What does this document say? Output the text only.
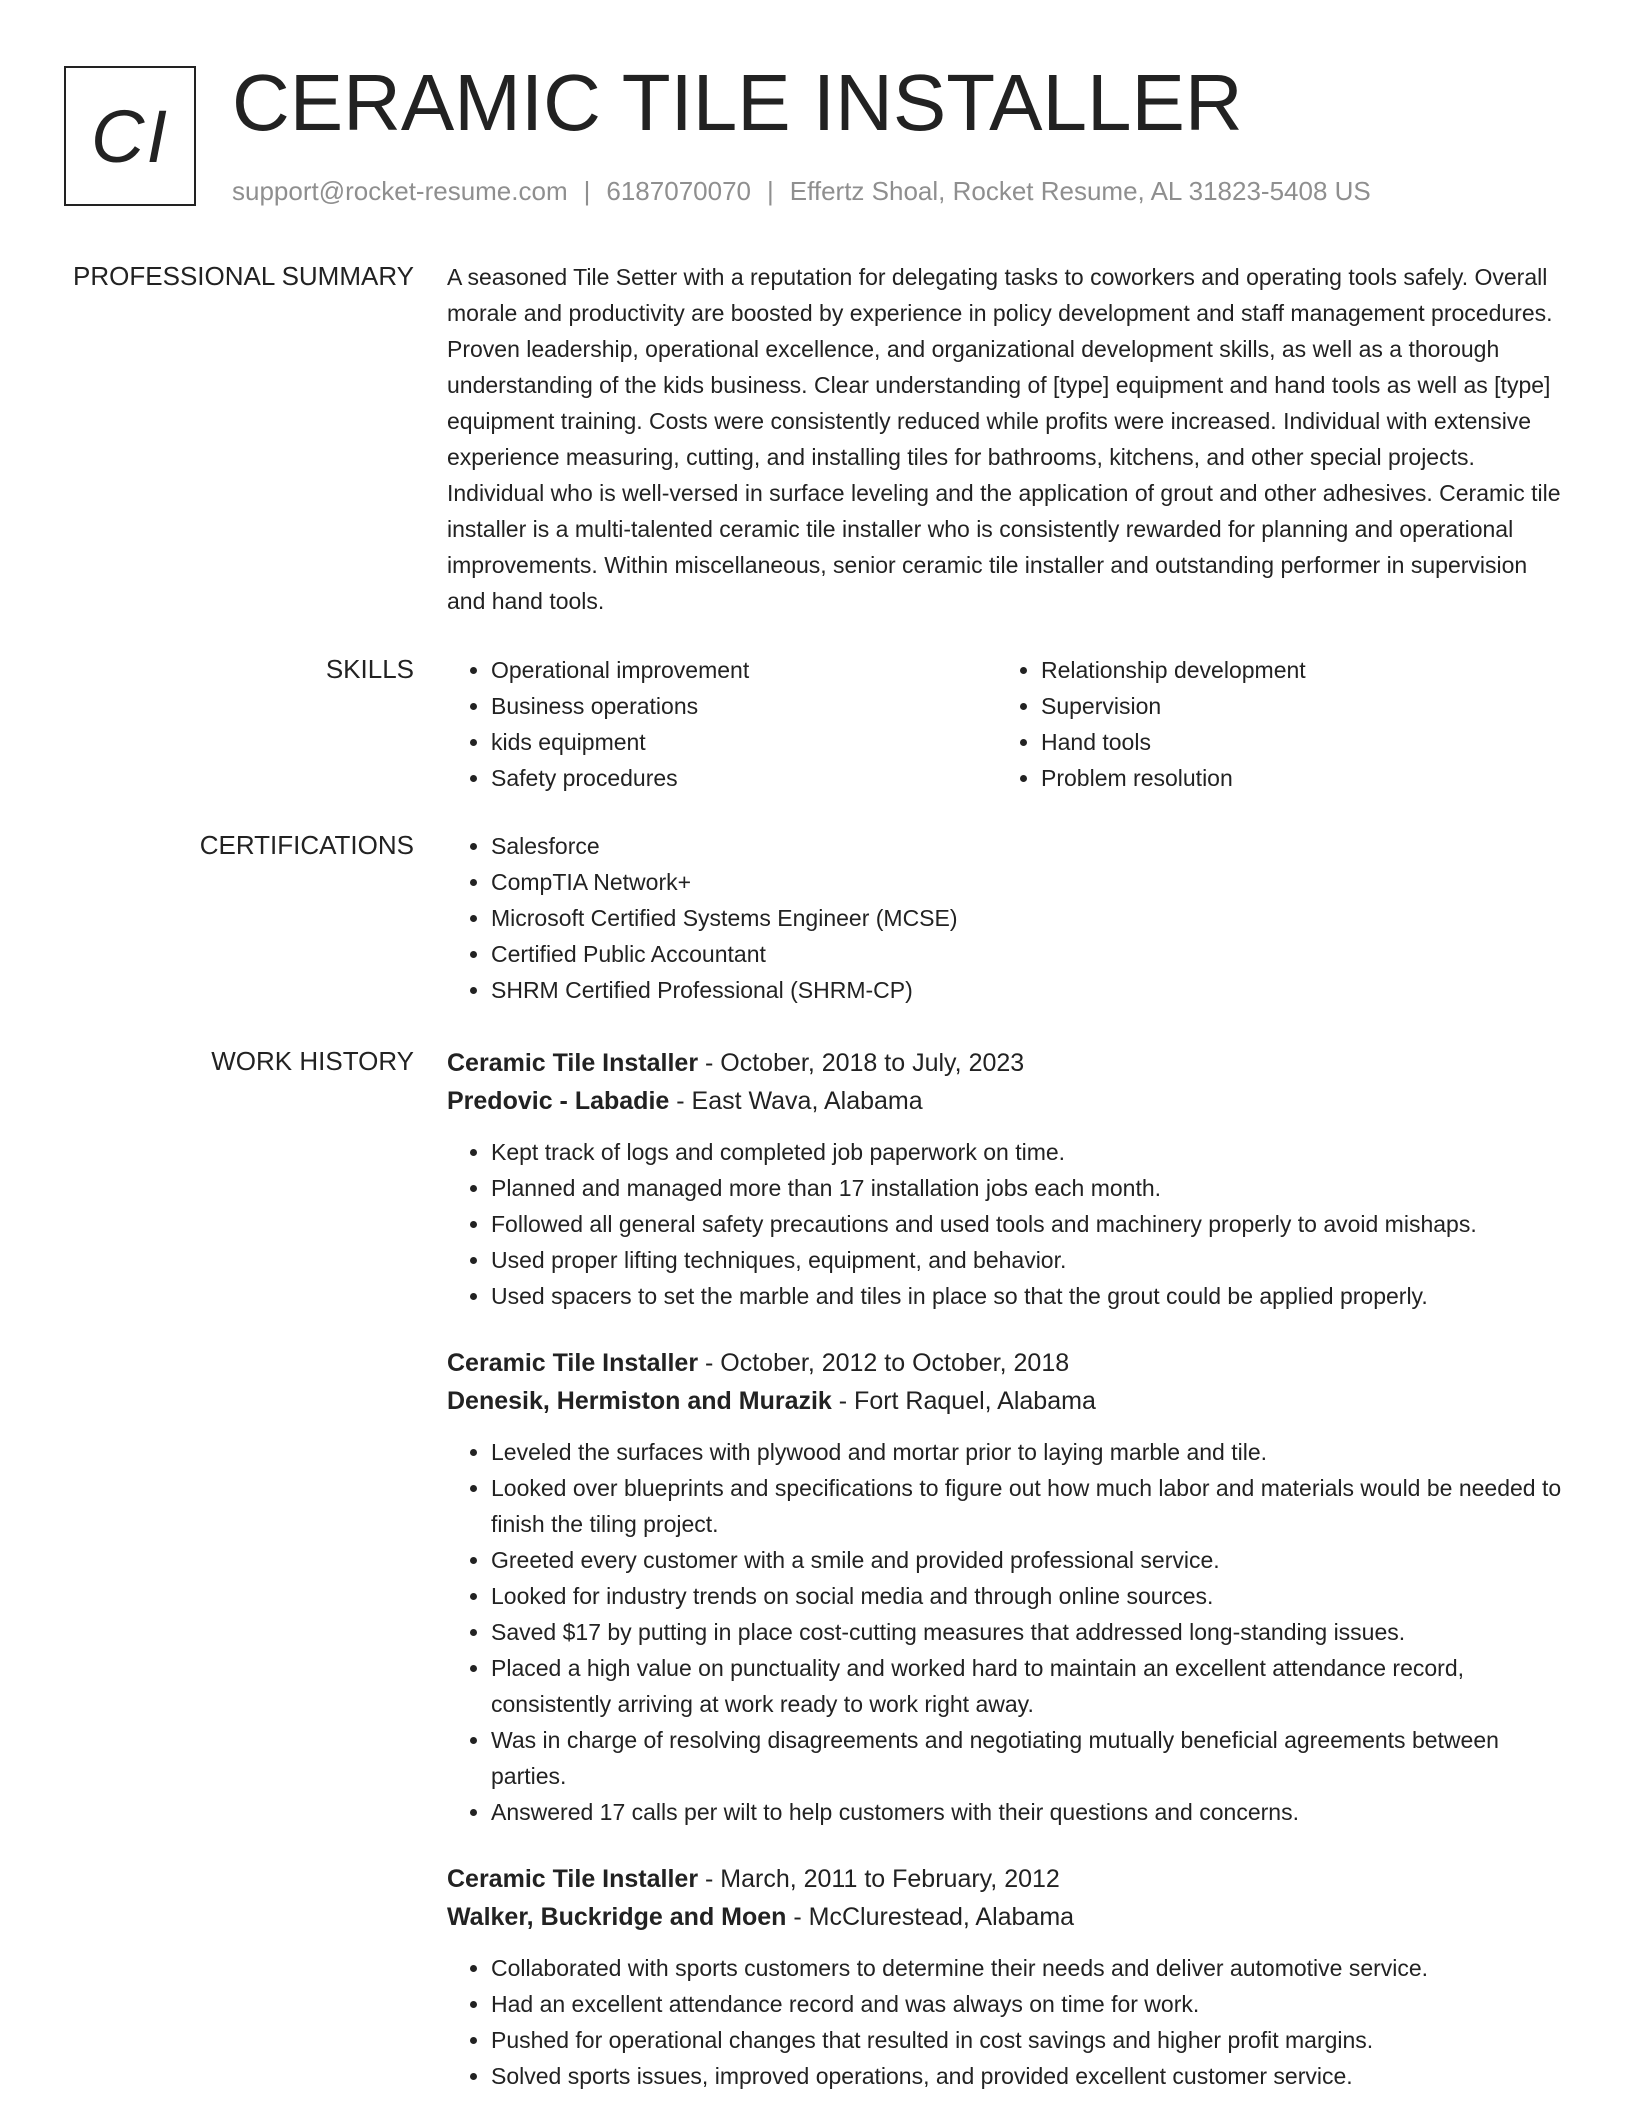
CI CERAMIC TILE INSTALLER
support@rocket-resume.com | 6187070070 | Effertz Shoal, Rocket Resume, AL 31823-5408 US
PROFESSIONAL SUMMARY A seasoned Tile Setter with a reputation for delegating tasks to coworkers and operating tools safely. Overall morale and productivity are boosted by experience in policy development and staff management procedures. Proven leadership, operational excellence, and organizational development skills, as well as a thorough understanding of the kids business. Clear understanding of [type] equipment and hand tools as well as [type] equipment training. Costs were consistently reduced while profits were increased. Individual with extensive experience measuring, cutting, and installing tiles for bathrooms, kitchens, and other special projects. Individual who is well-versed in surface leveling and the application of grout and other adhesives. Ceramic tile installer is a multi-talented ceramic tile installer who is consistently rewarded for planning and operational improvements. Within miscellaneous, senior ceramic tile installer and outstanding performer in supervision and hand tools.

SKILLS	• Operational improvement
• Business operations
• kids equipment
• Safety procedures
• Relationship development
• Supervision
• Hand tools
• Problem resolution
CERTIFICATIONS	• Salesforce
• CompTIA Network+
• Microsoft Certified Systems Engineer (MCSE)
• Certified Public Accountant
• SHRM Certified Professional (SHRM-CP)
WORK HISTORY Ceramic Tile Installer - October, 2018 to July, 2023
Predovic - Labadie - East Wava, Alabama
• Kept track of logs and completed job paperwork on time.
• Planned and managed more than 17 installation jobs each month.
• Followed all general safety precautions and used tools and machinery properly to avoid mishaps.
• Used proper lifting techniques, equipment, and behavior.
• Used spacers to set the marble and tiles in place so that the grout could be applied properly.
Ceramic Tile Installer - October, 2012 to October, 2018
Denesik, Hermiston and Murazik - Fort Raquel, Alabama
• Leveled the surfaces with plywood and mortar prior to laying marble and tile.
• Looked over blueprints and specifications to figure out how much labor and materials would be needed to finish the tiling project.
• Greeted every customer with a smile and provided professional service.
• Looked for industry trends on social media and through online sources.
• Saved $17 by putting in place cost-cutting measures that addressed long-standing issues.
• Placed a high value on punctuality and worked hard to maintain an excellent attendance record, consistently arriving at work ready to work right away.
• Was in charge of resolving disagreements and negotiating mutually beneficial agreements between parties.
• Answered 17 calls per wilt to help customers with their questions and concerns.
Ceramic Tile Installer - March, 2011 to February, 2012
Walker, Buckridge and Moen - McClurestead, Alabama
• Collaborated with sports customers to determine their needs and deliver automotive service.
• Had an excellent attendance record and was always on time for work.
• Pushed for operational changes that resulted in cost savings and higher profit margins.
• Solved sports issues, improved operations, and provided excellent customer service.
